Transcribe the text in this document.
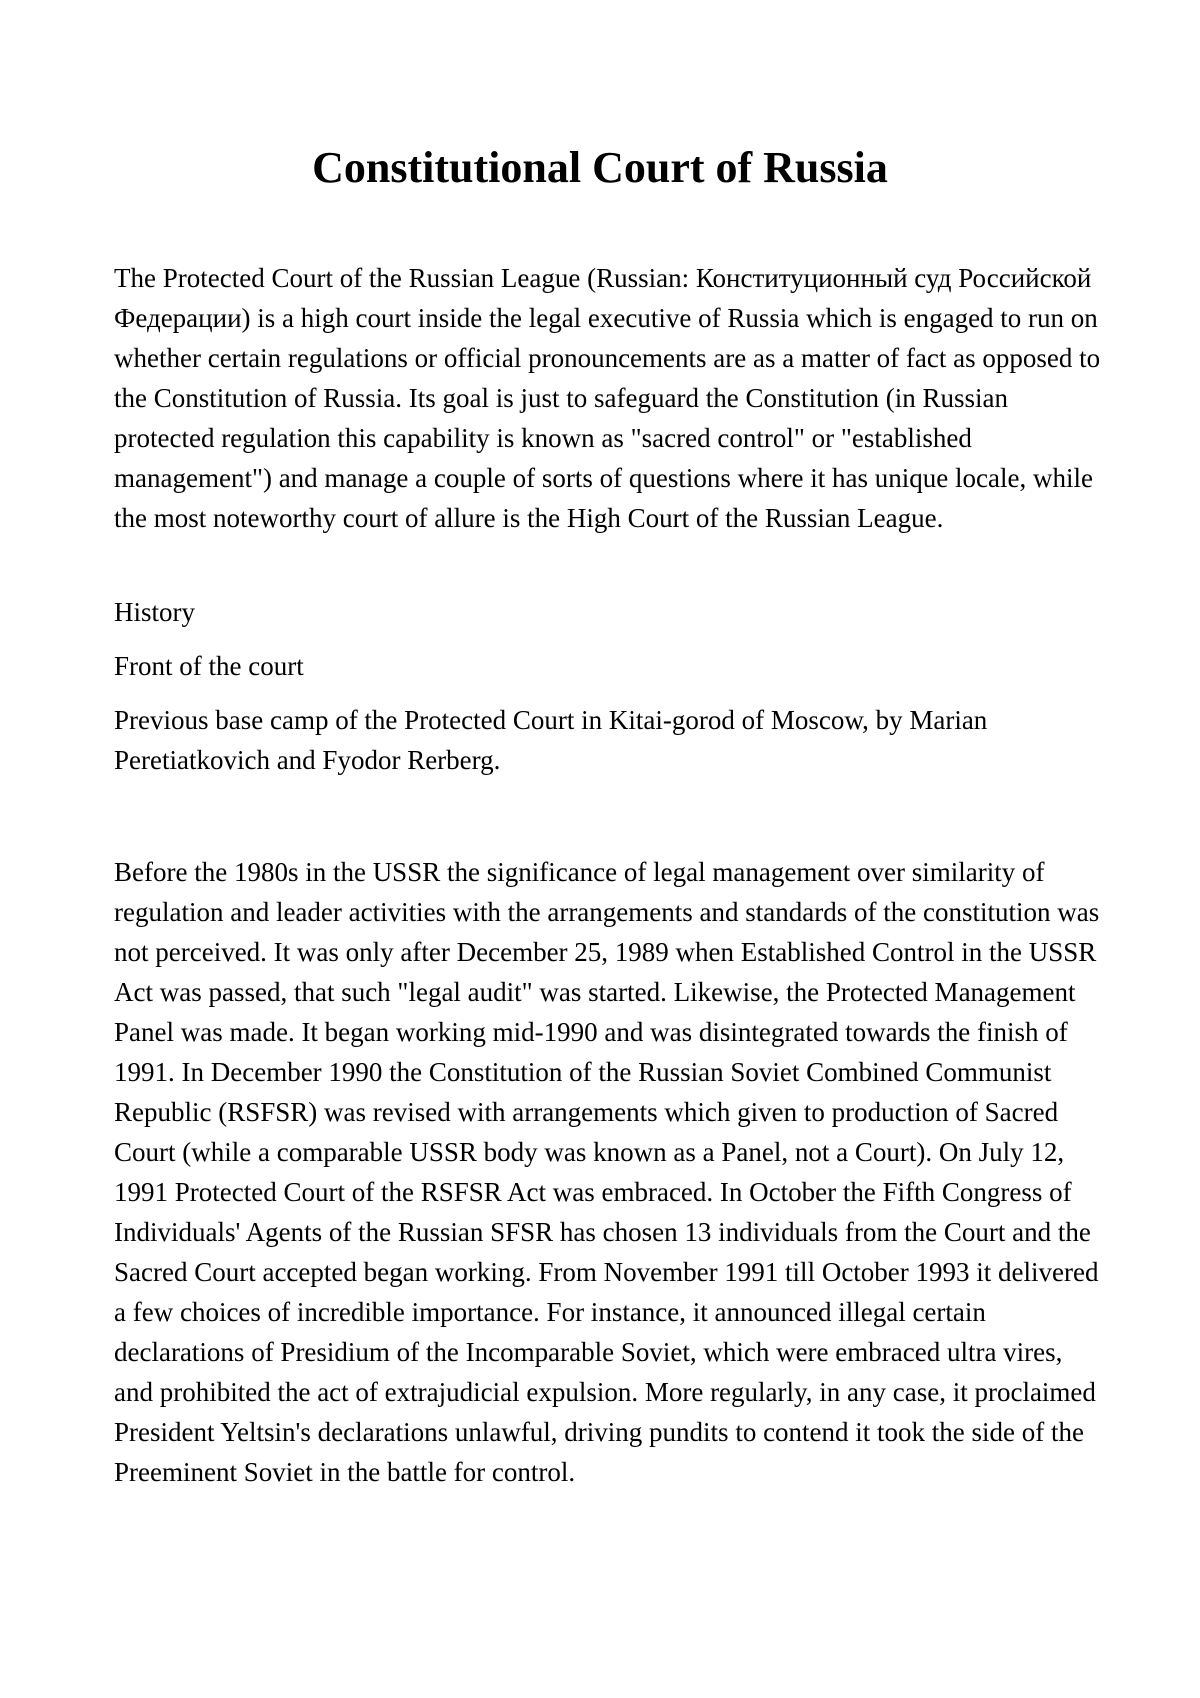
Constitutional Court of Russia

The Protected Court of the Russian League (Russian: Конституционный суд Российской Федерации) is a high court inside the legal executive of Russia which is engaged to run on whether certain regulations or official pronouncements are as a matter of fact as opposed to the Constitution of Russia. Its goal is just to safeguard the Constitution (in Russian protected regulation this capability is known as "sacred control" or "established management") and manage a couple of sorts of questions where it has unique locale, while the most noteworthy court of allure is the High Court of the Russian League.

History

Front of the court

Previous base camp of the Protected Court in Kitai-gorod of Moscow, by Marian Peretiatkovich and Fyodor Rerberg.

Before the 1980s in the USSR the significance of legal management over similarity of regulation and leader activities with the arrangements and standards of the constitution was not perceived. It was only after December 25, 1989 when Established Control in the USSR Act was passed, that such "legal audit" was started. Likewise, the Protected Management Panel was made. It began working mid-1990 and was disintegrated towards the finish of 1991. In December 1990 the Constitution of the Russian Soviet Combined Communist Republic (RSFSR) was revised with arrangements which given to production of Sacred Court (while a comparable USSR body was known as a Panel, not a Court). On July 12, 1991 Protected Court of the RSFSR Act was embraced. In October the Fifth Congress of Individuals' Agents of the Russian SFSR has chosen 13 individuals from the Court and the Sacred Court accepted began working. From November 1991 till October 1993 it delivered a few choices of incredible importance. For instance, it announced illegal certain declarations of Presidium of the Incomparable Soviet, which were embraced ultra vires, and prohibited the act of extrajudicial expulsion. More regularly, in any case, it proclaimed President Yeltsin's declarations unlawful, driving pundits to contend it took the side of the Preeminent Soviet in the battle for control.
